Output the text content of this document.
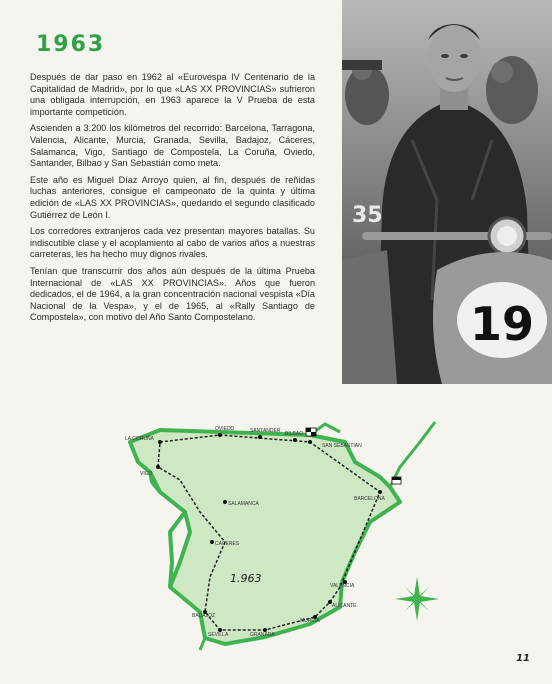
1963

Después de dar paso en 1962 al «Eurovespa IV Centenario de la Capitalidad de Madrid», por lo que «LAS XX PROVINCIAS» sufrieron una obligada interrupción, en 1963 aparece la V Prueba de esta importante competición.

Ascienden a 3.200 los kilómetros del recorrido: Barcelona, Tarragona, Valencia, Alicante, Murcia, Granada, Sevilla, Badajoz, Cáceres, Salamanca, Vigo, Santiago de Compostela, La Coruña, Oviedo, Santander, Bilbao y San Sebastián como meta.

Este año es Miguel Díaz Arroyo quien, al fin, después de reñidas luchas anteriores, consigue el campeonato de la quinta y última edición de «LAS XX PROVINCIAS», quedando el segundo clasificado Gutiérrez de León I.

Los corredores extranjeros cada vez presentan mayores batallas. Su indiscutible clase y el acoplamiento al cabo de varios años a nuestras carreteras, les ha hecho muy dignos rivales.

Tenían que transcurrir dos años aún después de la última Prueba Internacional de «LAS XX PROVINCIAS». Años que fueron dedicados, el de 1964, a la gran concentración nacional vespista «Día Nacional de la Vespa», y el de 1965, al «Rally Santiago de Compostela», con motivo del Año Santo Compostelano.	19
35
LA CORUÑA
OVIEDO	SANTANDER BILBAO
SAN SEBASTIAN
VIGO
SALAMANCA
CACERES
BARCELONA
VALENCIA
ALICANTE
MURCIA
GRANADA
SEVILLA
BADAJOZ
1.963
11
